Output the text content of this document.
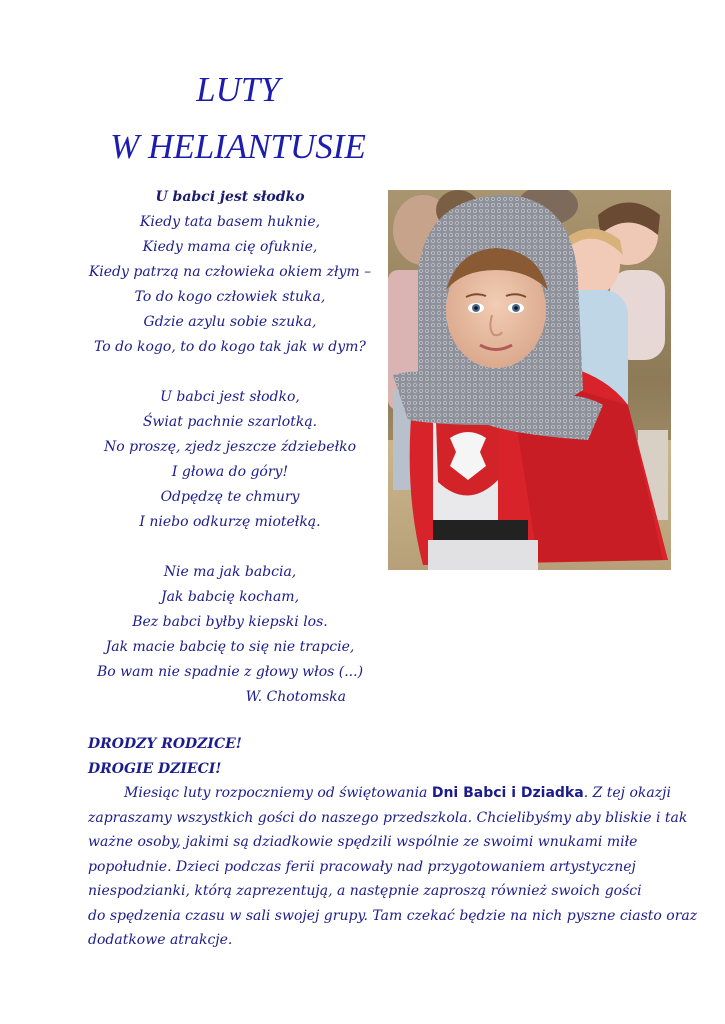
LUTY
W HELIANTUSIE
U babci jest słodko
Kiedy tata basem huknie,
Kiedy mama cię ofuknie,
Kiedy patrzą na człowieka okiem złym –
To do kogo człowiek stuka,
Gdzie azylu sobie szuka,
To do kogo, to do kogo tak jak w dym?
U babci jest słodko,
Świat pachnie szarlotką.
No proszę, zjedz jeszcze ździebełko
I głowa do góry!
Odpędzę te chmury
I niebo odkurzę miotełką.
Nie ma jak babcia,
Jak babcię kocham,
Bez babci byłby kiepski los.
Jak macie babcię to się nie trapcie,
Bo wam nie spadnie z głowy włos (...)
W. Chotomska
DRODZY RODZICE!
DROGIE DZIECI!
Miesiąc luty rozpoczniemy od świętowania Dni Babci i Dziadka. Z tej okazji
zapraszamy wszystkich gości do naszego przedszkola. Chcielibyśmy aby bliskie i tak
ważne osoby, jakimi są dziadkowie spędzili wspólnie ze swoimi wnukami miłe
popołudnie. Dzieci podczas ferii pracowały nad przygotowaniem artystycznej
niespodzianki, którą zaprezentują, a następnie zaproszą również swoich gości
do spędzenia czasu w sali swojej grupy. Tam czekać będzie na nich pyszne ciasto oraz
dodatkowe atrakcje.
